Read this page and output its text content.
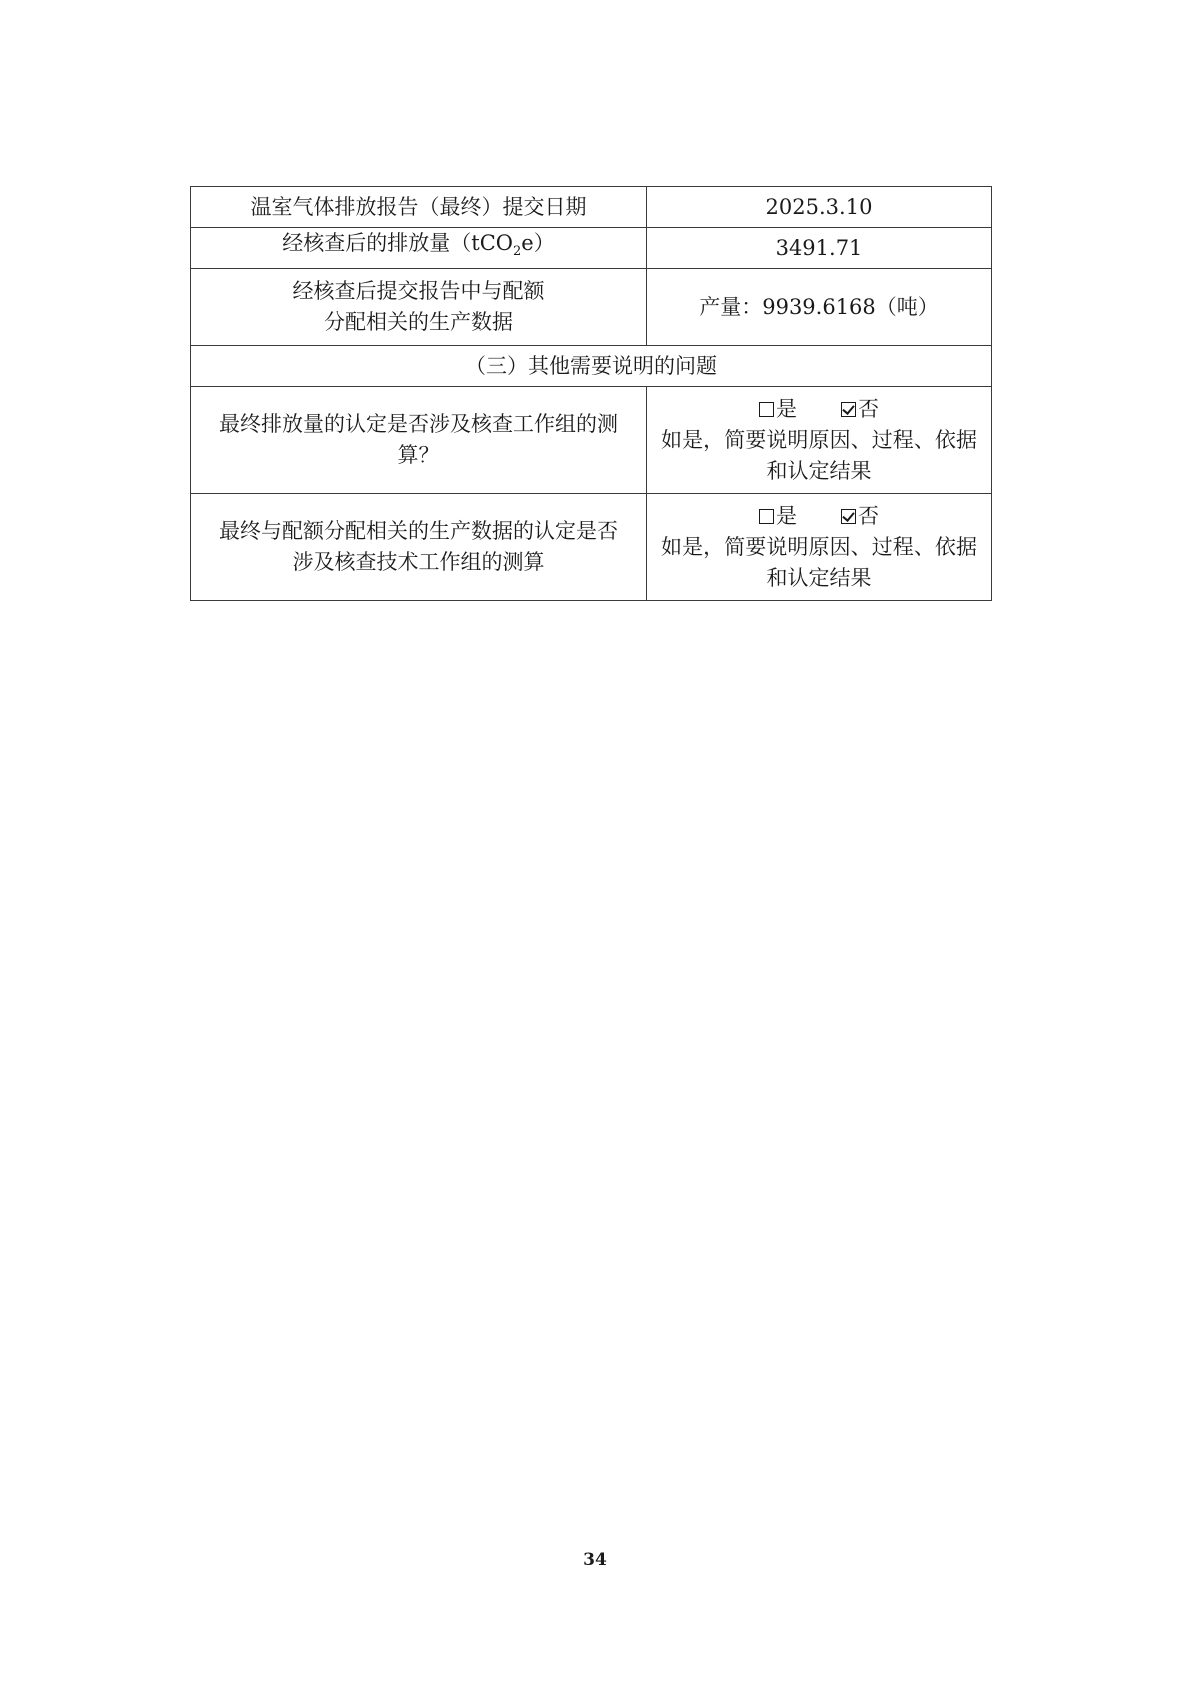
温室气体排放报告（最终）提交日期	2025.3.10
经核查后的排放量（tCO$_2$e）	3491.71

经核查后提交报告中与配额
分配相关的生产数据	产量：9939.6168（吨）
（三）其他需要说明的问题	
最终排放量的认定是否涉及核查工作组的测算？	是 否
如是，简要说明原因、过程、依据和认定结果

最终与配额分配相关的生产数据的认定是否涉及核查技术工作组的测算	是 否
如是，简要说明原因、过程、依据和认定结果
34
